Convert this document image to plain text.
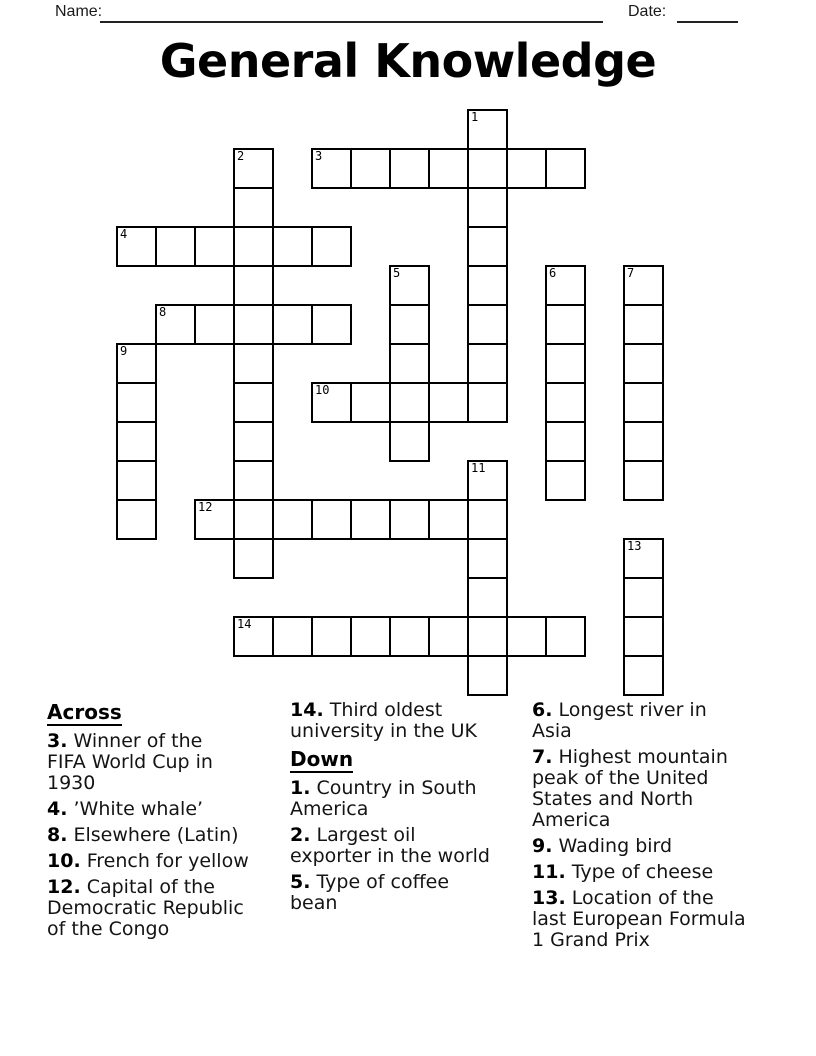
Name:	Date:
General Knowledge
1
2	3
4
5	6	7
8
9
10
11
12
13
14
Across
3. Winner of the
FIFA World Cup in
1930
4. ’White whale’
8. Elsewhere (Latin)
10. French for yellow
12. Capital of the
Democratic Republic
of the Congo
14. Third oldest
university in the UK
Down
1. Country in South
America
2. Largest oil
exporter in the world
5. Type of coffee
bean
6. Longest river in
Asia
7. Highest mountain
peak of the United
States and North
America
9. Wading bird
11. Type of cheese
13. Location of the
last European Formula
1 Grand Prix
